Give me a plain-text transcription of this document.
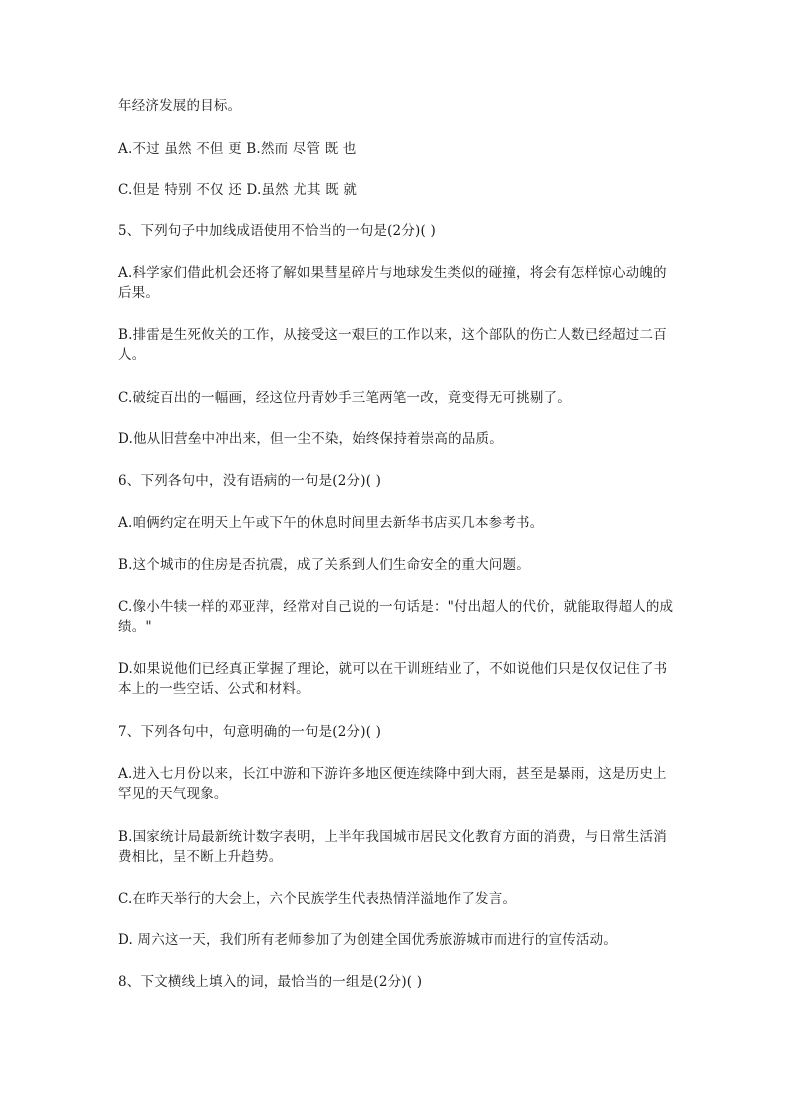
年经济发展的目标。

A.不过 虽然 不但 更 B.然而 尽管 既 也

C.但是 特别 不仅 还 D.虽然 尤其 既 就

5、下列句子中加线成语使用不恰当的一句是(2分)( )

A.科学家们借此机会还将了解如果彗星碎片与地球发生类似的碰撞，将会有怎样惊心动魄的后果。

B.排雷是生死攸关的工作，从接受这一艰巨的工作以来，这个部队的伤亡人数已经超过二百人。

C.破绽百出的一幅画，经这位丹青妙手三笔两笔一改，竟变得无可挑剔了。

D.他从旧营垒中冲出来，但一尘不染，始终保持着崇高的品质。

6、下列各句中，没有语病的一句是(2分)( )

A.咱俩约定在明天上午或下午的休息时间里去新华书店买几本参考书。

B.这个城市的住房是否抗震，成了关系到人们生命安全的重大问题。

C.像小牛犊一样的邓亚萍，经常对自己说的一句话是："付出超人的代价，就能取得超人的成绩。"

D.如果说他们已经真正掌握了理论，就可以在干训班结业了，不如说他们只是仅仅记住了书本上的一些空话、公式和材料。

7、下列各句中，句意明确的一句是(2分)( )

A.进入七月份以来，长江中游和下游许多地区便连续降中到大雨，甚至是暴雨，这是历史上罕见的天气现象。

B.国家统计局最新统计数字表明，上半年我国城市居民文化教育方面的消费，与日常生活消费相比，呈不断上升趋势。

C.在昨天举行的大会上，六个民族学生代表热情洋溢地作了发言。

D. 周六这一天，我们所有老师参加了为创建全国优秀旅游城市而进行的宣传活动。

8、下文横线上填入的词，最恰当的一组是(2分)( )
